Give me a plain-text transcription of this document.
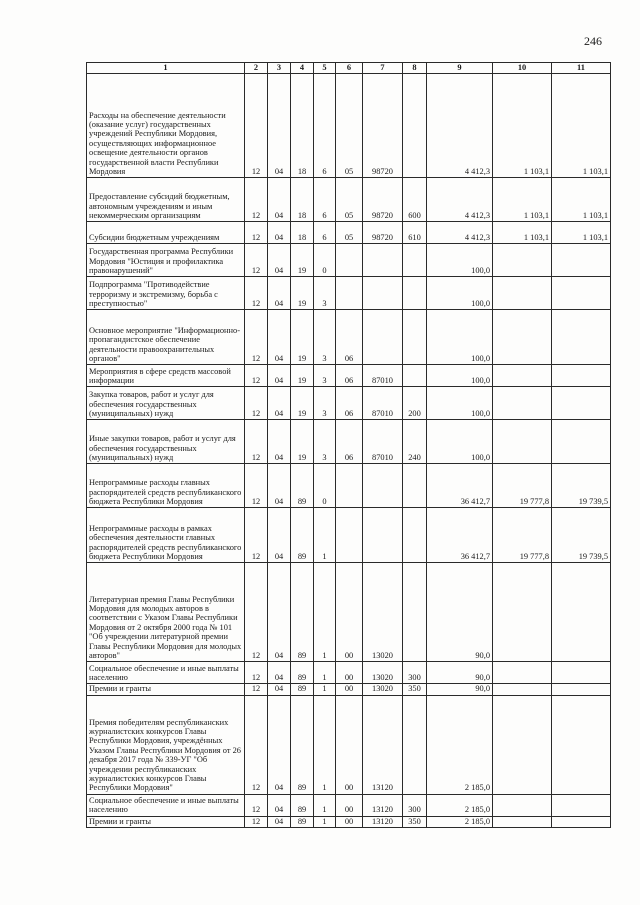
246
1	2	3	4	5	6	7	8	9	10	11
Расходы на обеспечение деятельности (оказание услуг) государственных учреждений Республики Мордовия, осуществляющих информационное освещение деятельности органов государственной власти Республики Мордовия	12	04	18	6	05	98720		4 412,3	1 103,1	1 103,1
Предоставление субсидий бюджетным, автономным учреждениям и иным некоммерческим организациям	12	04	18	6	05	98720	600	4 412,3	1 103,1	1 103,1
Субсидии бюджетным учреждениям	12	04	18	6	05	98720	610	4 412,3	1 103,1	1 103,1
Государственная программа Республики Мордовия "Юстиция и профилактика правонарушений"	12	04	19	0				100,0		
Подпрограмма "Противодействие терроризму и экстремизму, борьба с преступностью"	12	04	19	3				100,0		
Основное мероприятие "Информационно-пропагандистское обеспечение деятельности правоохранительных органов"	12	04	19	3	06			100,0		
Мероприятия в сфере средств массовой информации	12	04	19	3	06	87010		100,0		
Закупка товаров, работ и услуг для обеспечения государственных (муниципальных) нужд	12	04	19	3	06	87010	200	100,0		
Иные закупки товаров, работ и услуг для обеспечения государственных (муниципальных) нужд	12	04	19	3	06	87010	240	100,0		
Непрограммные расходы главных распорядителей средств республиканского бюджета Республики Мордовия	12	04	89	0				36 412,7	19 777,8	19 739,5
Непрограммные расходы в рамках обеспечения деятельности главных распорядителей средств республиканского бюджета Республики Мордовия	12	04	89	1				36 412,7	19 777,8	19 739,5
Литературная премия Главы Республики Мордовия для молодых авторов в соответствии с Указом Главы Республики Мордовия от 2 октября 2000 года № 101 "Об учреждении литературной премии Главы Республики Мордовия для молодых авторов"	12	04	89	1	00	13020		90,0		
Социальное обеспечение и иные выплаты населению	12	04	89	1	00	13020	300	90,0		
Премии и гранты	12	04	89	1	00	13020	350	90,0		
Премия победителям республиканских журналистских конкурсов Главы Республики Мордовия, учреждённых Указом Главы Республики Мордовия от 26 декабря 2017 года № 339-УГ "Об учреждении республиканских журналистских конкурсов Главы Республики Мордовия"	12	04	89	1	00	13120		2 185,0		
Социальное обеспечение и иные выплаты населению	12	04	89	1	00	13120	300	2 185,0		
Премии и гранты	12	04	89	1	00	13120	350	2 185,0		
